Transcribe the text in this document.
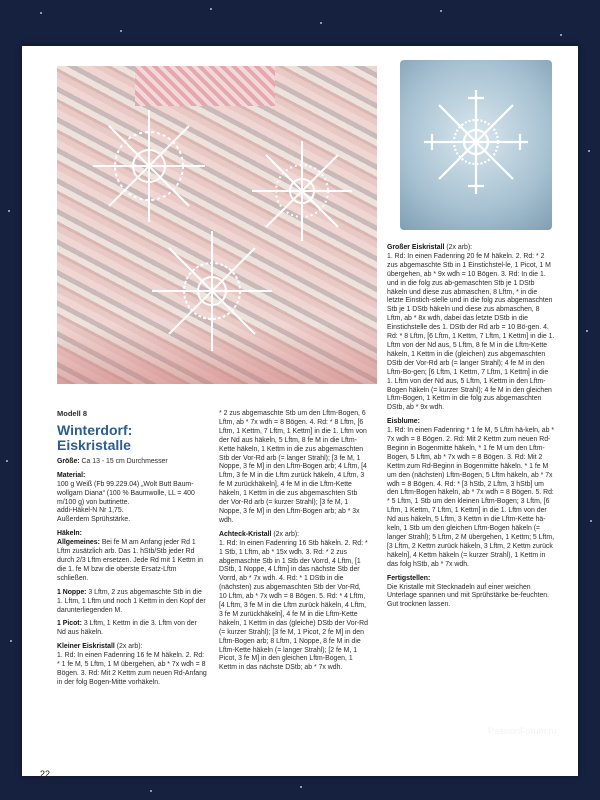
Modell 8
Winterdorf: Eiskristalle

Größe: Ca 13 - 15 cm Durchmesser

Material:
100 g Weiß (Fb 99.229.04) „Wolt Butt Baum-wollgarn Diana“ (100 % Baumwolle, LL = 400 m/100 g) von buttinette.
addi-Häkel-N Nr 1,75.
Außerdem Sprühstärke.

Häkeln:
Allgemeines: Bei fe M am Anfang jeder Rd 1 Lftm zusätzlich arb. Das 1. hStb/Stb jeder Rd durch 2/3 Lftm ersetzen. Jede Rd mit 1 Kettm in die 1. fe M bzw die oberste Ersatz-Lftm schließen.

1 Noppe: 3 Lftm, 2 zus abgemaschte Stb in die 1. Lftm, 1 Lftm und noch 1 Kettm in den Kopf der darunterliegenden M.

1 Picot: 3 Lftm, 1 Kettm in die 3. Lftm von der Nd aus häkeln.

Kleiner Eiskristall (2x arb):
1. Rd: In einen Fadenring 16 fe M häkeln. 2. Rd: * 1 fe M, 5 Lftm, 1 M übergehen, ab * 7x wdh = 8 Bögen. 3. Rd: Mit 2 Kettm zum neuen Rd-Anfang in der folg Bogen-Mitte vorhäkeln.

* 2 zus abgemaschte Stb um den Lftm-Bogen, 6 Lftm, ab * 7x wdh = 8 Bögen. 4. Rd: * 8 Lftm, [6 Lftm, 1 Kettm, 7 Lftm, 1 Kettm] in die 1. Lftm von der Nd aus häkeln, 5 Lftm, 8 fe M in die Lftm-Kette häkeln, 1 Kettm in die zus abgemaschten Stb der Vor-Rd arb (= langer Strahl); [3 fe M, 1 Noppe, 3 fe M] in den Lftm-Bogen arb; 4 Lftm, [4 Lftm, 3 fe M in die Lftm zurück häkeln, 4 Lftm, 3 fe M zurückhäkeln], 4 fe M in die Lftm-Kette häkeln, 1 Kettm in die zus abgemaschten Stb der Vor-Rd arb (= kurzer Strahl); [3 fe M, 1 Noppe, 3 fe M] in den Lftm-Bogen arb; ab * 3x wdh.

Achteck-Kristall (2x arb):
1. Rd: In einen Fadenring 16 Stb häkeln. 2. Rd: * 1 Stb, 1 Lftm, ab * 15x wdh. 3. Rd: * 2 zus abgemaschte Stb in 1 Stb der Vorrd, 4 Lftm, [1 DStb, 1 Noppe, 4 Lftm] in das nächste Stb der Vorrd, ab * 7x wdh. 4. Rd: * 1 DStb in die (nächsten) zus abgemaschten Stb der Vor-Rd, 10 Lftm, ab * 7x wdh = 8 Bögen. 5. Rd: * 4 Lftm, [4 Lftm, 3 fe M in die Lftm zurück häkeln, 4 Lftm, 3 fe M zurückhäkeln], 4 fe M in die Lftm-Kette häkeln, 1 Kettm in das (gleiche) DStb der Vor-Rd (= kurzer Strahl); [3 fe M, 1 Picot, 2 fe M] in den Lftm-Bogen arb; 8 Lftm, 1 Noppe, 8 fe M in die Lftm-Kette häkeln (= langer Strahl); [2 fe M, 1 Picot, 3 fe M] in den gleichen Lftm-Bogen, 1 Kettm in das nächste DStb; ab * 7x wdh.

Großer Eiskristall (2x arb):
1. Rd: In einen Fadenring 20 fe M häkeln. 2. Rd: * 2 zus abgemaschte Stb in 1 Einstichstel-le, 1 Picot, 1 M übergehen, ab * 9x wdh = 10 Bögen. 3. Rd: In die 1. und in die folg zus ab-gemaschten Stb je 1 DStb häkeln und diese zus abmaschen, 8 Lftm, * in die letzte Einstich-stelle und in die folg zus abgemaschten Stb je 1 DStb häkeln und diese zus abmaschen, 8 Lftm, ab * 8x wdh, dabei das letzte DStb in die Einstichstelle des 1. DStb der Rd arb = 10 Bö-gen. 4. Rd: * 8 Lftm, [6 Lftm, 1 Kettm, 7 Lftm, 1 Kettm] in die 1. Lftm von der Nd aus, 5 Lftm, 8 fe M in die Lftm-Kette häkeln, 1 Kettm in die (gleichen) zus abgemaschten DStb der Vor-Rd arb (= langer Strahl); 4 fe M in den Lftm-Bo-gen; [6 Lftm, 1 Kettm, 7 Lftm, 1 Kettm] in die 1. Lftm von der Nd aus, 5 Lftm, 1 Kettm in den Lftm-Bogen häkeln (= kurzer Strahl); 4 fe M in den gleichen Lftm-Bogen, 1 Kettm in die folg zus abgemaschten DStb, ab * 9x wdh.

Eisblume:
1. Rd: In einen Fadenring * 1 fe M, 5 Lftm hä-keln, ab * 7x wdh = 8 Bögen. 2. Rd: Mit 2 Kettm zum neuen Rd-Beginn in Bogenmitte häkeln, * 1 fe M um den Lftm-Bogen, 5 Lftm, ab * 7x wdh = 8 Bögen. 3. Rd: Mit 2 Kettm zum Rd-Beginn in Bogenmitte häkeln. * 1 fe M um den (nächsten) Lftm-Bogen, 5 Lftm häkeln, ab * 7x wdh = 8 Bögen. 4. Rd: * [3 hStb, 2 Lftm, 3 hStb] um den Lftm-Bogen häkeln, ab * 7x wdh = 8 Bögen. 5. Rd: * 5 Lftm, 1 Stb um den kleinen Lftm-Bogen; 3 Lftm, [6 Lftm, 1 Kettm, 7 Lftm, 1 Kettm] in die 1. Lftm von der Nd aus häkeln, 5 Lftm, 3 Kettm in die Lftm-Kette hä-keln, 1 Stb um den gleichen Lftm-Bogen häkeln (= langer Strahl); 5 Lftm, 2 M übergehen, 1 Kettm; 5 Lftm, [3 Lftm, 2 Kettm zurück häkeln, 3 Lftm, 2 Kettm zurück häkeln], 4 Kettm häkeln (= kurzer Strahl), 1 Kettm in das folg hStb, ab * 7x wdh.

Fertigstellen:
Die Kristalle mit Stecknadeln auf einer weichen Unterlage spannen und mit Sprühstärke be-feuchten. Gut trocknen lassen.

22
PassionForum.ru
